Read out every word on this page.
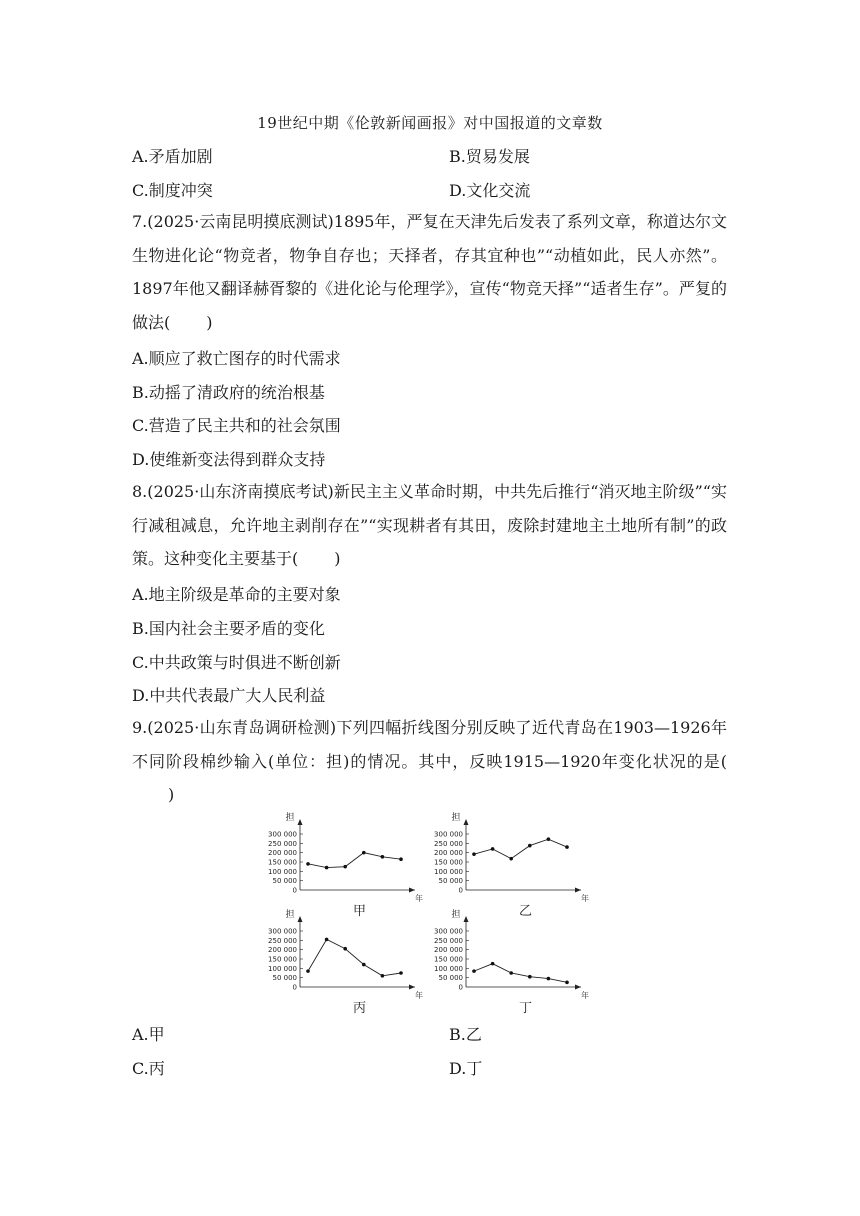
19世纪中期《伦敦新闻画报》对中国报道的文章数
A.矛盾加剧	B.贸易发展
C.制度冲突	D.文化交流
7.(2025·云南昆明摸底测试)1895年，严复在天津先后发表了系列文章，称道达尔文生物进化论“物竞者，物争自存也；天择者，存其宜种也”“动植如此，民人亦然”。1897年他又翻译赫胥黎的《进化论与伦理学》，宣传“物竞天择”“适者生存”。严复的做法( )
A.顺应了救亡图存的时代需求
B.动摇了清政府的统治根基
C.营造了民主共和的社会氛围
D.使维新变法得到群众支持
8.(2025·山东济南摸底考试)新民主主义革命时期，中共先后推行“消灭地主阶级”“实行减租减息，允许地主剥削存在”“实现耕者有其田，废除封建地主土地所有制”的政策。这种变化主要基于( )
A.地主阶级是革命的主要对象
B.国内社会主要矛盾的变化
C.中共政策与时俱进不断创新
D.中共代表最广大人民利益
9.(2025·山东青岛调研检测)下列四幅折线图分别反映了近代青岛在1903—1926年不同阶段棉纱输入(单位：担)的情况。其中，反映1915—1920年变化状况的是()
担
年
300 000
250 000
200 000
150 000
100 000
50 000
0
甲
担
年
300 000
250 000
200 000
150 000
100 000
50 000
0
乙
担
年
300 000
250 000
200 000
150 000
100 000
50 000
0
丙
担
年
300 000
250 000
200 000
150 000
100 000
50 000
0
丁
A.甲	B.乙
C.丙	D.丁
